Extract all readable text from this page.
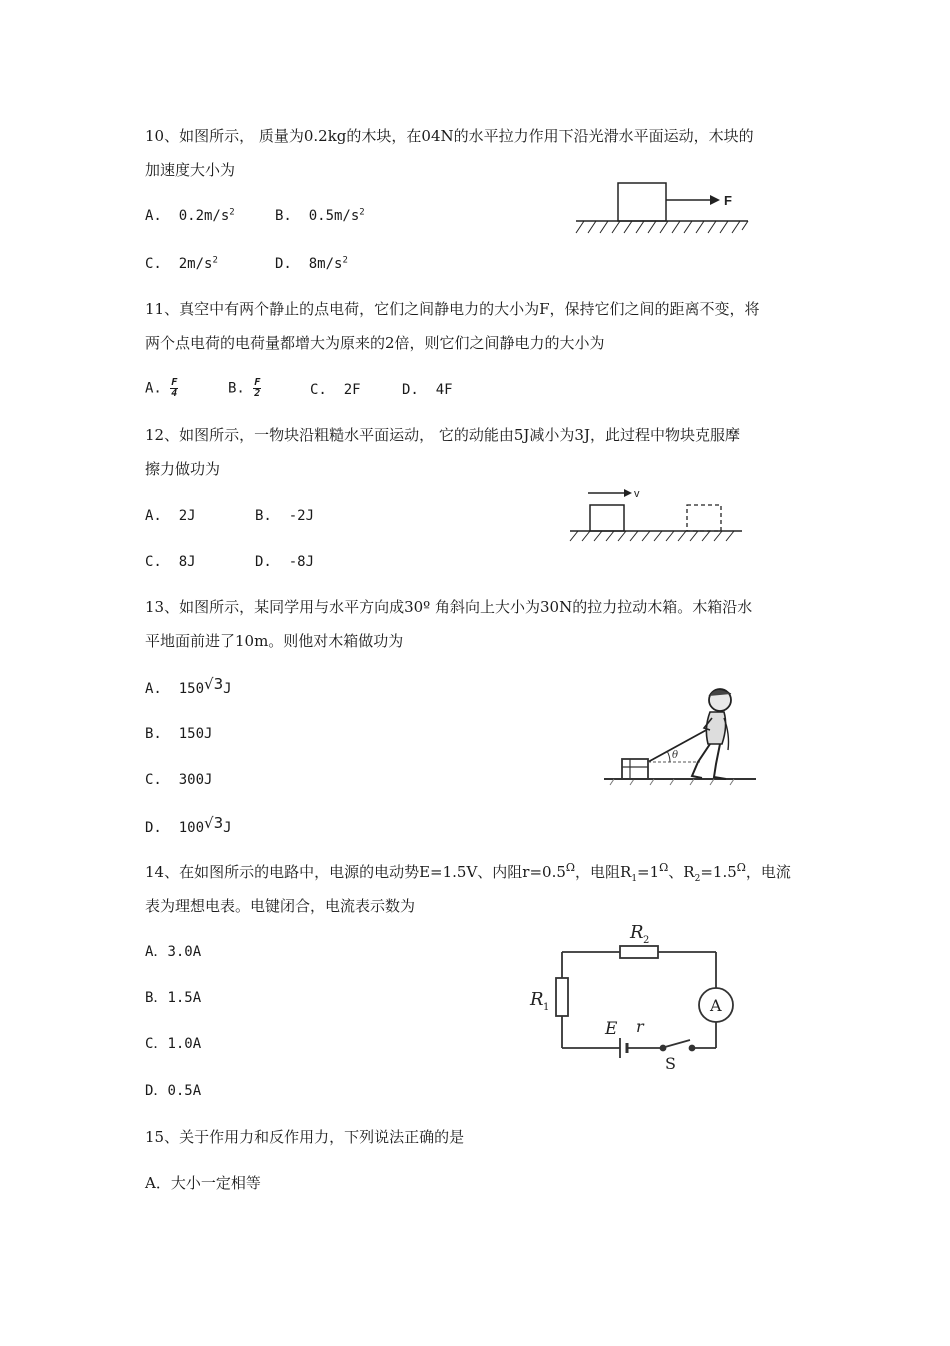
10、如图所示， 质量为0.2kg的木块，在04N的水平拉力作用下沿光滑水平面运动，木块的
加速度大小为
A. $0.2m/s^2$	B. $0.5m/s^2$
C. $2m/s^2$	D. $8m/s^2$
F
11、真空中有两个静止的点电荷，它们之间静电力的大小为F，保持它们之间的距离不变，将
两个点电荷的电荷量都增大为原来的2倍，则它们之间静电力的大小为
A. $\frac{F}{4}$	B. $\frac{F}{2}$	C. 2F	D. 4F
12、如图所示，一物块沿粗糙水平面运动， 它的动能由5J减小为3J，此过程中物块克服摩
擦力做功为
A. 2J	B. -2J
C. 8J	D. -8J
v
13、如图所示，某同学用与水平方向成30º 角斜向上大小为30N的拉力拉动木箱。木箱沿水
平地面前进了10m。则他对木箱做功为
A. 150√3J
B. 150J
C. 300J
D. 100√3J
θ
14、在如图所示的电路中，电源的电动势E=1.5V、内阻$r=0.5^\Omega$，电阻$R_1=1^\Omega$、$R_2=1.5^\Omega$，电流
表为理想电表。电键闭合，电流表示数为
A．3.0A
B．1.5A
C．1.0A
D．0.5A
R 2
R 1	A
E r
S
15、关于作用力和反作用力，下列说法正确的是
A．大小一定相等
